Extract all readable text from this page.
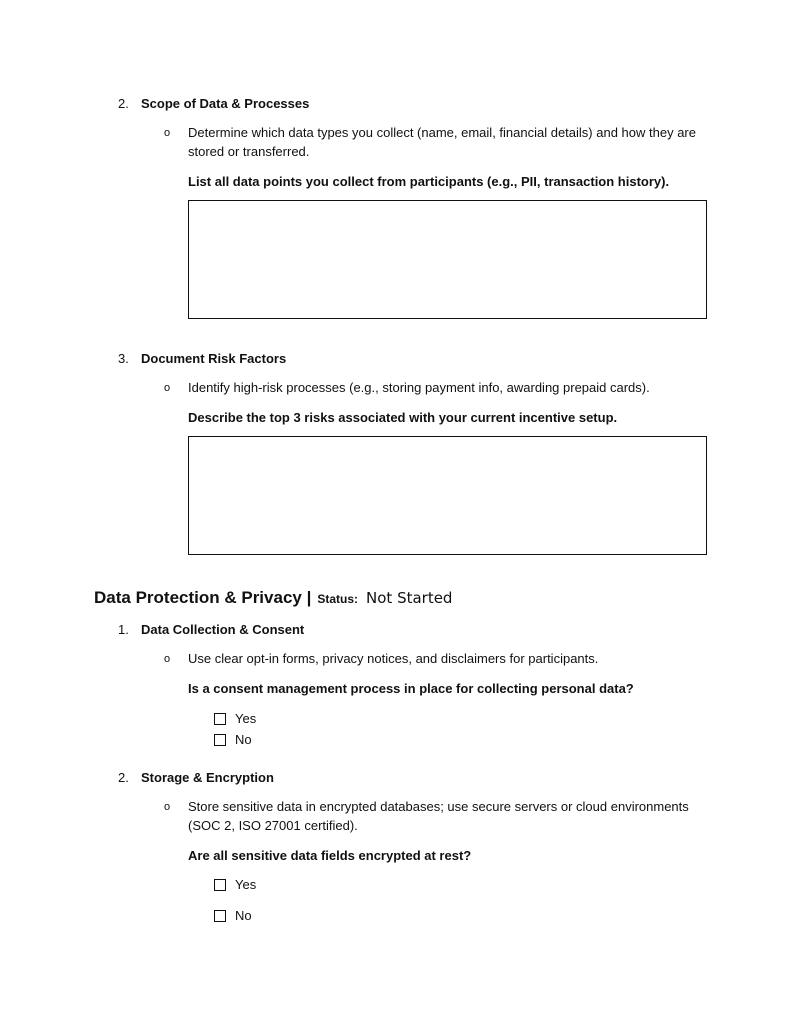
2. Scope of Data & Processes
o Determine which data types you collect (name, email, financial details) and how they are
stored or transferred.
List all data points you collect from participants (e.g., PII, transaction history).
3. Document Risk Factors
o Identify high-risk processes (e.g., storing payment info, awarding prepaid cards).
Describe the top 3 risks associated with your current incentive setup.
Data Protection & Privacy | Status: Not Started
1. Data Collection & Consent
o Use clear opt-in forms, privacy notices, and disclaimers for participants.
Is a consent management process in place for collecting personal data?
Yes
No
2. Storage & Encryption
o Store sensitive data in encrypted databases; use secure servers or cloud environments
(SOC 2, ISO 27001 certified).
Are all sensitive data fields encrypted at rest?
Yes
No
